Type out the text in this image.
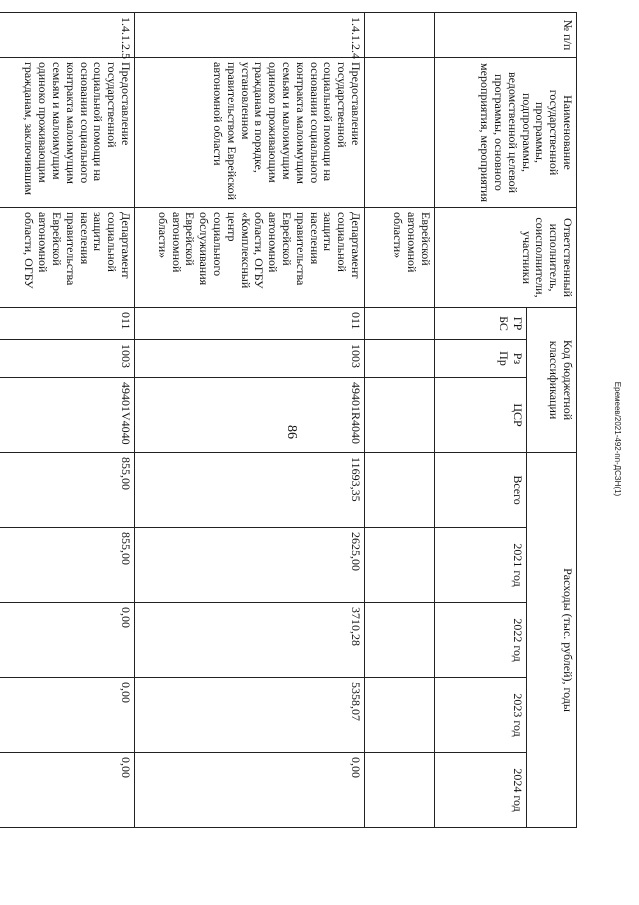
86
№ п/п	Наименование государственной программы, подпрограммы, ведомственной целевой программы, основного мероприятия, мероприятия	Ответственный исполнитель, соисполнители, участники	Код бюджетной классификации			Расходы (тыс. рублей), годы				
			ГР БС	Рз Пр	ЦСР	Всего	2021 год	2022 год	2023 год	2024 год
		Еврейской автономной области»								
1.4.1.2.4	Предоставление государственной социальной помощи на основании социального контракта малоимущим семьям и малоимущим одиноко проживающим гражданам в порядке, установленном правительством Еврейской автономной области	Департамент социальной защиты населения правительства Еврейской автономной области, ОГБУ «Комплексный центр социального обслуживания Еврейской автономной области»	011	1003	49401R4040	11693,35	2625,00	3710,28	5358,07	0,00
1.4.1.2.5	Предоставление государственной социальной помощи на основании социального контракта малоимущим семьям и малоимущим одиноко проживающим гражданам, заключившим	Департамент социальной защиты населения правительства Еврейской автономной области, ОГБУ	011	1003	49401V4040	855,00	855,00	0,00	0,00	0,00
Еремеев/2021-492-пп-ДСЗН(1)
